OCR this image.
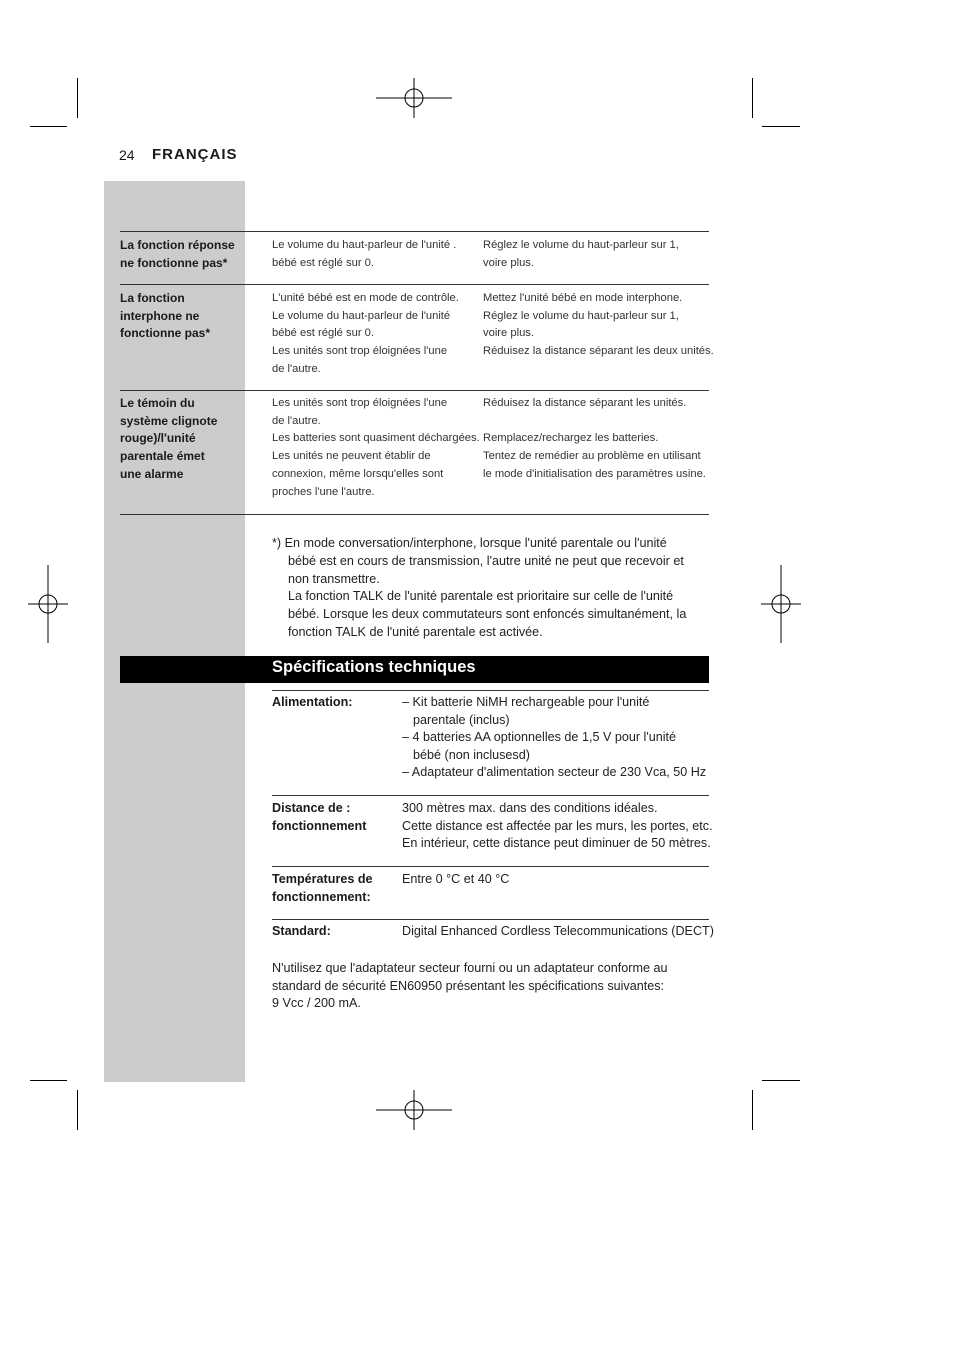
24 FRANÇAIS
La fonction réponse
ne fonctionne pas*
Le volume du haut-parleur de l'unité .
bébé est réglé sur 0.
Réglez le volume du haut-parleur sur 1,
voire plus.
La fonction
interphone ne
fonctionne pas*
L'unité bébé est en mode de contrôle.
Le volume du haut-parleur de l'unité
bébé est réglé sur 0.
Les unités sont trop éloignées l'une
de l'autre.
Mettez l'unité bébé en mode interphone.
Réglez le volume du haut-parleur sur 1,
voire plus.
Réduisez la distance séparant les deux unités.
Le témoin du
système clignote
rouge)/l'unité
parentale émet
une alarme
Les unités sont trop éloignées l'une
de l'autre.
Les batteries sont quasiment déchargées.
Les unités ne peuvent établir de
connexion, même lorsqu'elles sont
proches l'une l'autre.
Réduisez la distance séparant les unités.
Remplacez/rechargez les batteries.
Tentez de remédier au problème en utilisant
le mode d'initialisation des paramètres usine.
*) En mode conversation/interphone, lorsque l'unité parentale ou l'unité
bébé est en cours de transmission, l'autre unité ne peut que recevoir et
non transmettre.
La fonction TALK de l'unité parentale est prioritaire sur celle de l'unité
bébé. Lorsque les deux commutateurs sont enfoncés simultanément, la
fonction TALK de l'unité parentale est activée.
Spécifications techniques
Alimentation:	– Kit batterie NiMH rechargeable pour l'unité
parentale (inclus)
– 4 batteries AA optionnelles de 1,5 V pour l'unité
bébé (non inclusesd)
– Adaptateur d'alimentation secteur de 230 Vca, 50 Hz
Distance de :
fonctionnement
300 mètres max. dans des conditions idéales.
Cette distance est affectée par les murs, les portes, etc.
En intérieur, cette distance peut diminuer de 50 mètres.
Températures de
fonctionnement:
Entre 0 °C et 40 °C
Standard:	Digital Enhanced Cordless Telecommunications (DECT)
N'utilisez que l'adaptateur secteur fourni ou un adaptateur conforme au
standard de sécurité EN60950 présentant les spécifications suivantes:
9 Vcc / 200 mA.
